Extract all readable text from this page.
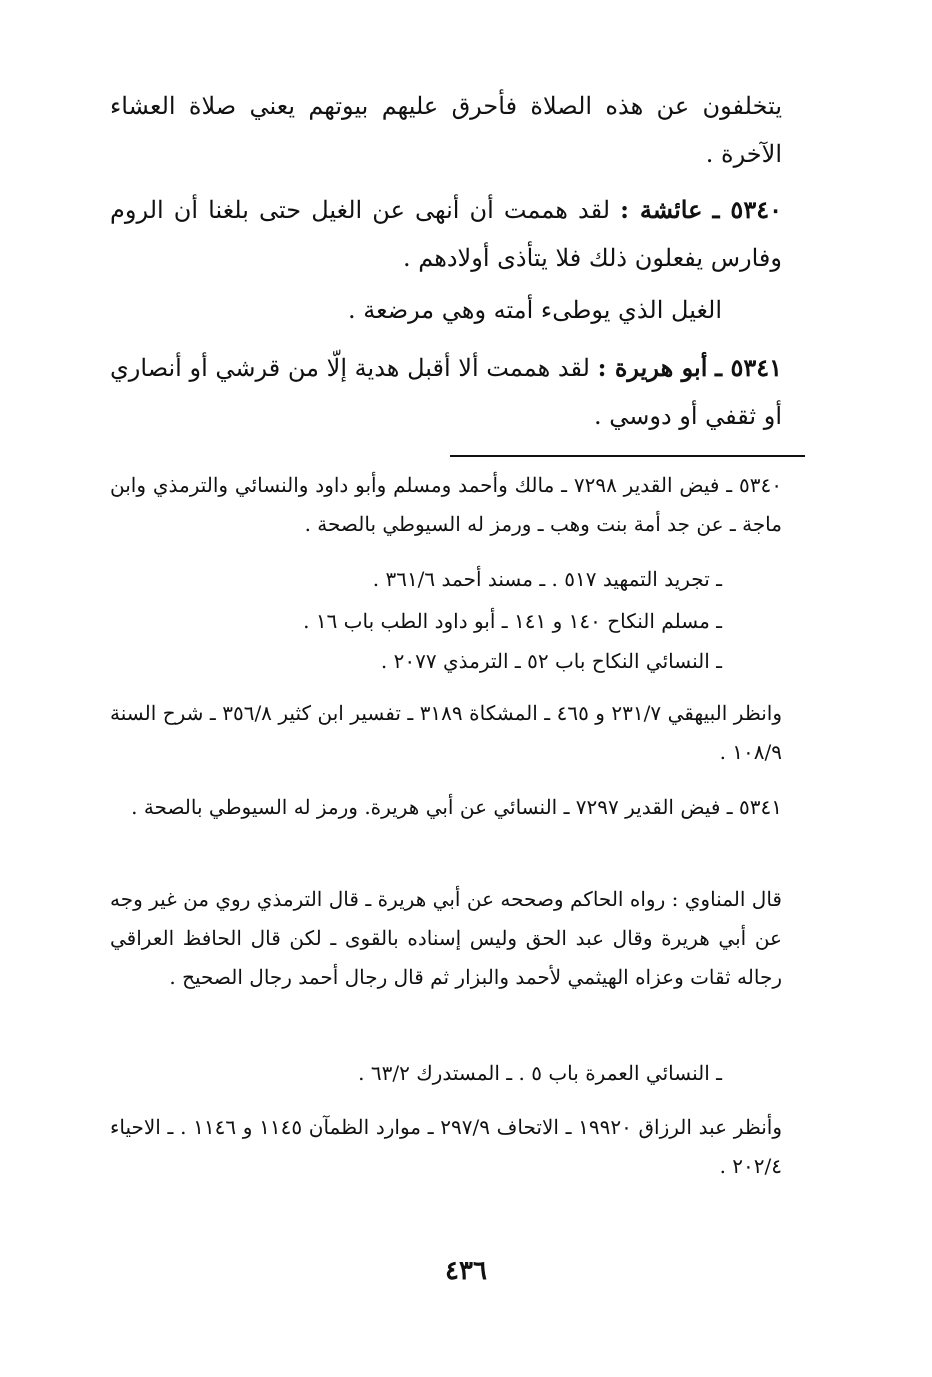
يتخلفون عن هذه الصلاة فأحرق عليهم بيوتهم يعني صلاة العشاء الآخرة .

٥٣٤٠ ـ عائشة : لقد هممت أن أنهى عن الغيل حتى بلغنا أن الروم وفارس يفعلون ذلك فلا يتأذى أولادهم .

الغيل الذي يوطىء أمته وهي مرضعة .

٥٣٤١ ـ أبو هريرة : لقد هممت ألا أقبل هدية إلّا من قرشي أو أنصاري أو ثقفي أو دوسي .

٥٣٤٠ ـ فيض القدير ٧٢٩٨ ـ مالك وأحمد ومسلم وأبو داود والنسائي والترمذي وابن ماجة ـ عن جد أمة بنت وهب ـ ورمز له السيوطي بالصحة .

ـ تجريد التمهيد ٥١٧ . ـ مسند أحمد ٣٦١/٦ .

ـ مسلم النكاح ١٤٠ و ١٤١ ـ أبو داود الطب باب ١٦ .

ـ النسائي النكاح باب ٥٢ ـ الترمذي ٢٠٧٧ .

وانظر البيهقي ٢٣١/٧ و ٤٦٥ ـ المشكاة ٣١٨٩ ـ تفسير ابن كثير ٣٥٦/٨ ـ شرح السنة ١٠٨/٩ .

٥٣٤١ ـ فيض القدير ٧٢٩٧ ـ النسائي عن أبي هريرة. ورمز له السيوطي بالصحة .

قال المناوي : رواه الحاكم وصححه عن أبي هريرة ـ قال الترمذي روي من غير وجه عن أبي هريرة وقال عبد الحق وليس إسناده بالقوى ـ لكن قال الحافظ العراقي رجاله ثقات وعزاه الهيثمي لأحمد والبزار ثم قال رجال أحمد رجال الصحيح .

ـ النسائي العمرة باب ٥ . ـ المستدرك ٦٣/٢ .

وأنظر عبد الرزاق ١٩٩٢٠ ـ الاتحاف ٢٩٧/٩ ـ موارد الظمآن ١١٤٥ و ١١٤٦ . ـ الاحياء ٢٠٢/٤ .

٤٣٦
